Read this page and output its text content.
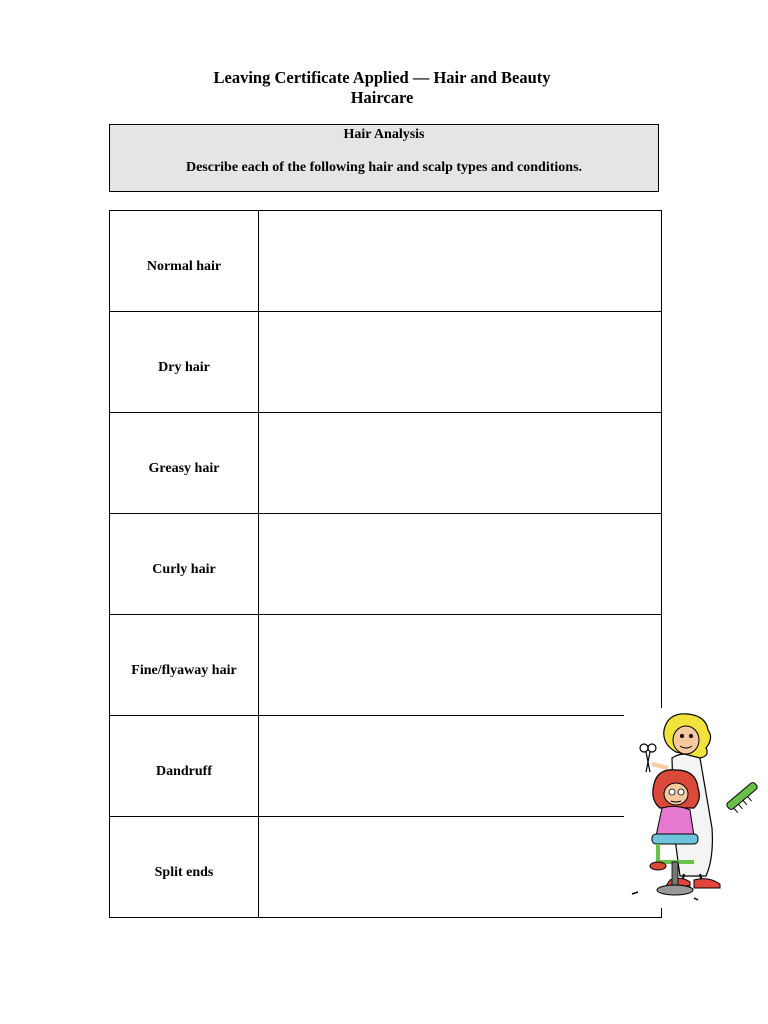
Leaving Certificate Applied — Hair and Beauty
Haircare
Hair Analysis
Describe each of the following hair and scalp types and conditions.
Normal hair	
Dry hair	
Greasy hair	
Curly hair	
Fine/flyaway hair	
Dandruff	
Split ends	
